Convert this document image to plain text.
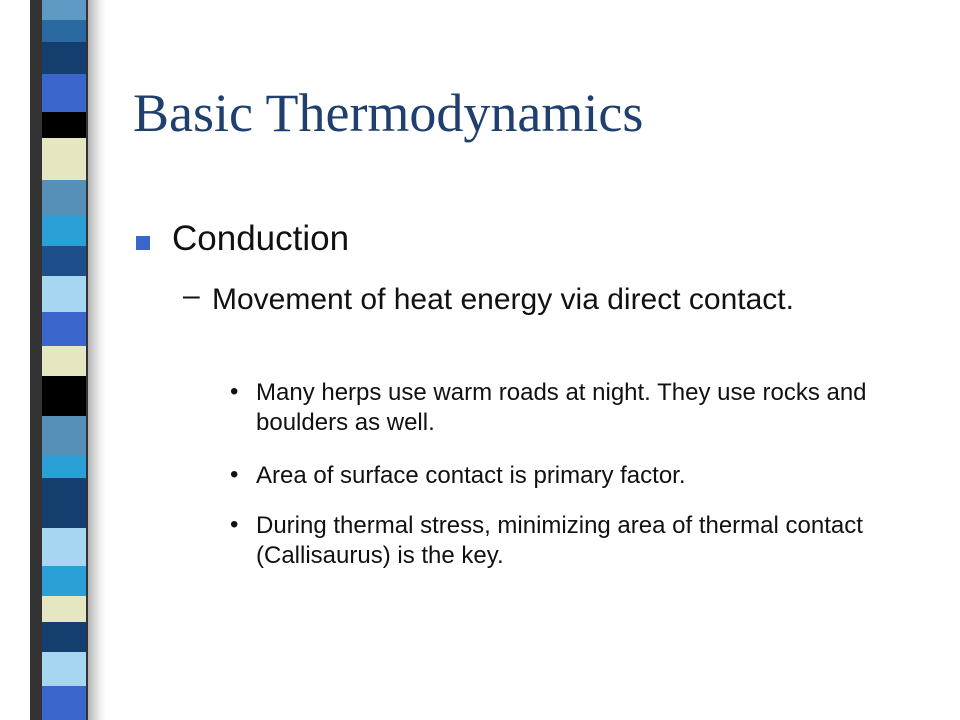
Basic Thermodynamics
Conduction
– Movement of heat energy via direct contact.
• Many herps use warm roads at night. They use rocks and boulders as well.
• Area of surface contact is primary factor.
• During thermal stress, minimizing area of thermal contact (Callisaurus) is the key.
